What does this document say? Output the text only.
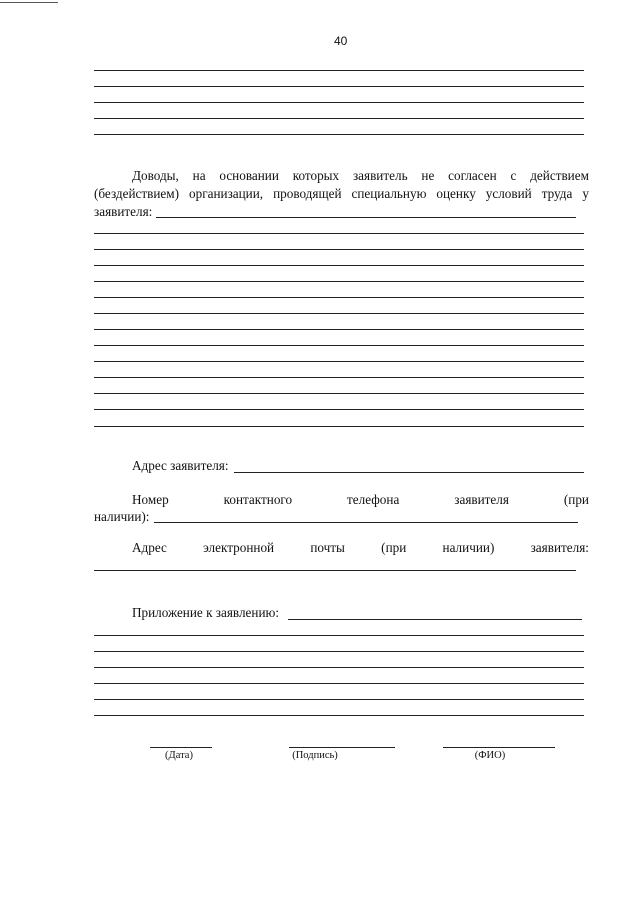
40
Доводы, на основании которых заявитель не согласен с действием
(бездействием) организации, проводящей специальную оценку условий труда у
заявителя:
Адрес заявителя:
Номер	контактного	телефона	заявителя	(при
наличии):
Адрес	электронной	почты	(при	наличии)	заявителя:
Приложение к заявлению:
(Дата)	(Подпись)	(ФИО)
